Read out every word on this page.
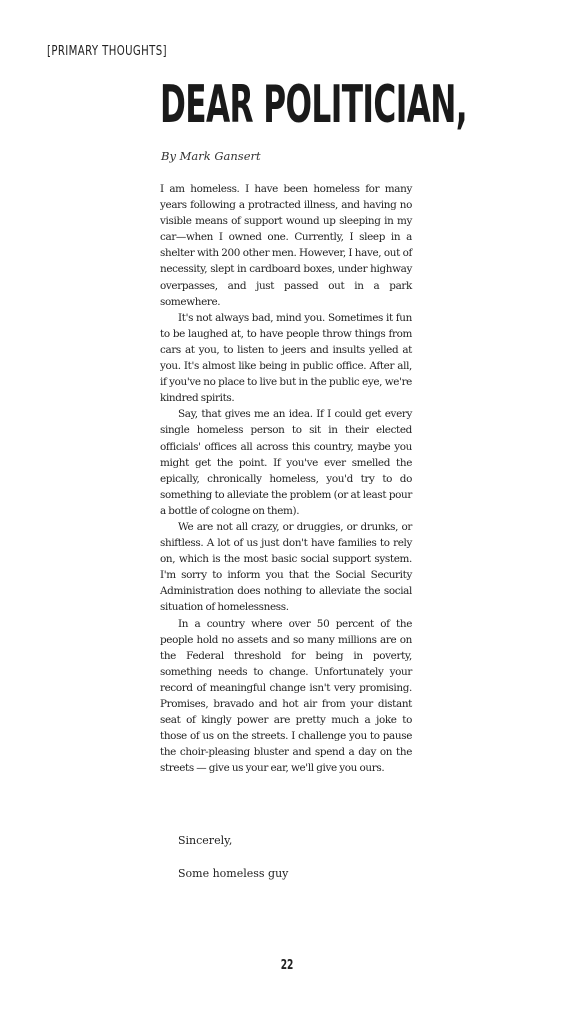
[PRIMARY THOUGHTS]
DEAR POLITICIAN,
By Mark Gansert

I am homeless. I have been homeless for many years following a protracted illness, and having no visible means of support wound up sleeping in my car—when I owned one. Currently, I sleep in a shelter with 200 other men. However, I have, out of necessity, slept in cardboard boxes, under highway overpasses, and just passed out in a park somewhere.

It's not always bad, mind you. Sometimes it fun to be laughed at, to have people throw things from cars at you, to listen to jeers and insults yelled at you. It's almost like being in public office. After all, if you've no place to live but in the public eye, we're kindred spirits.

Say, that gives me an idea. If I could get every single homeless person to sit in their elected officials' offices all across this country, maybe you might get the point. If you've ever smelled the epically, chronically homeless, you'd try to do something to alleviate the problem (or at least pour a bottle of cologne on them).

We are not all crazy, or druggies, or drunks, or shiftless. A lot of us just don't have families to rely on, which is the most basic social support system. I'm sorry to inform you that the Social Security Administration does nothing to alleviate the social situation of homelessness.

In a country where over 50 percent of the people hold no assets and so many millions are on the Federal threshold for being in poverty, something needs to change. Unfortunately your record of meaningful change isn't very promising. Promises, bravado and hot air from your distant seat of kingly power are pretty much a joke to those of us on the streets. I challenge you to pause the choir-pleasing bluster and spend a day on the streets — give us your ear, we'll give you ours.

Sincerely,
Some homeless guy
22
